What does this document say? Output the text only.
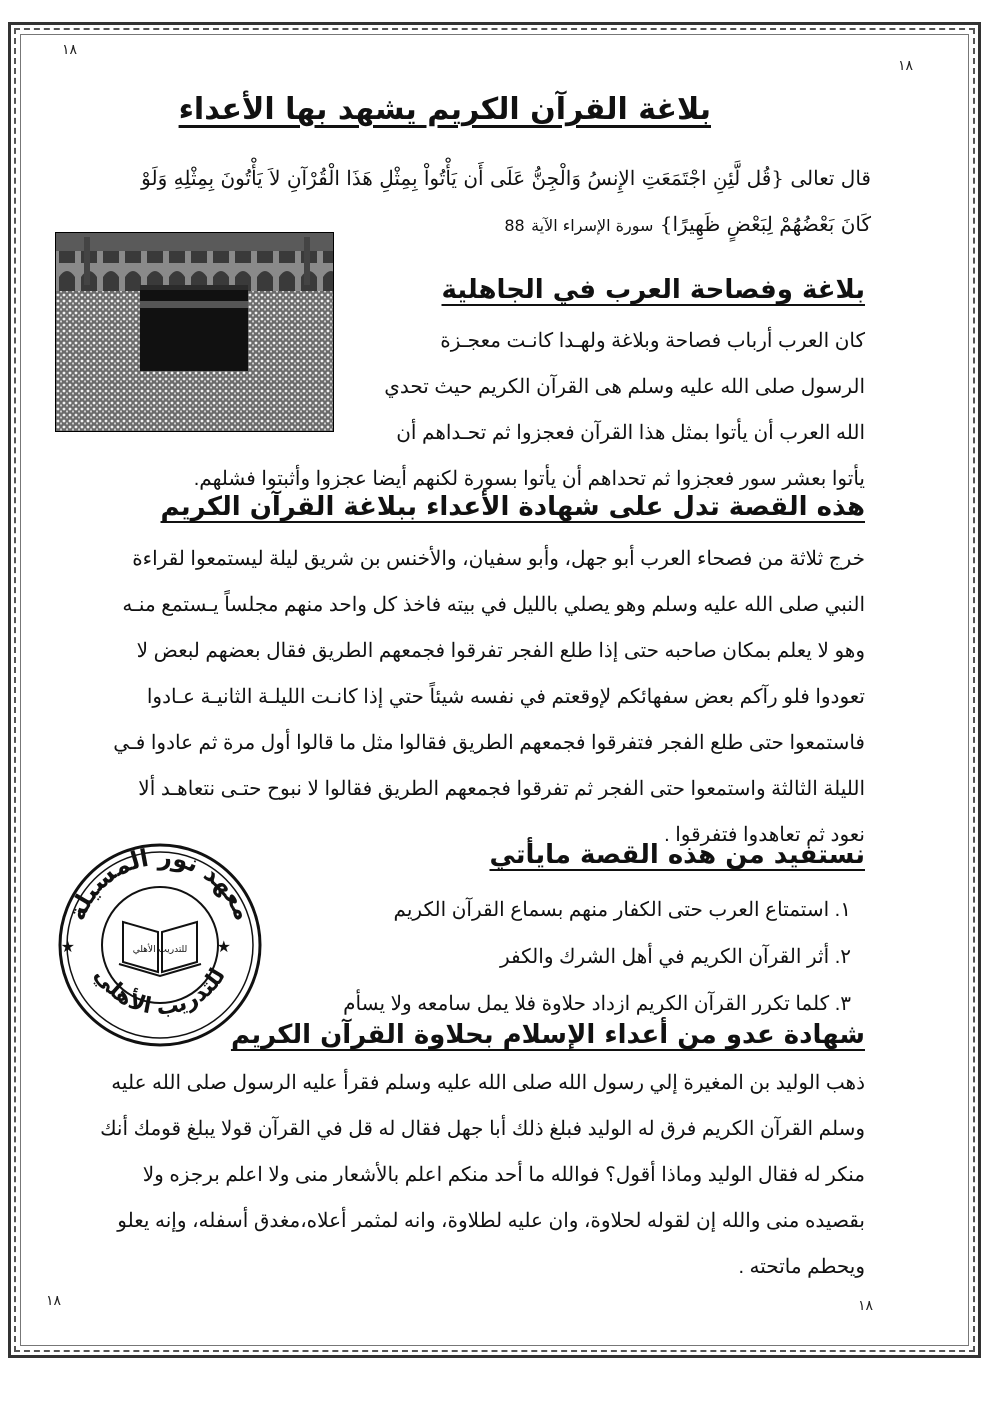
١٨
١٨
١٨	١٨
بلاغة القرآن الكريم يشهد بها الأعداء
قال تعالى {قُل لَّئِنِ اجْتَمَعَتِ الإِنسُ وَالْجِنُّ عَلَى أَن يَأْتُواْ بِمِثْلِ هَذَا الْقُرْآنِ لاَ يَأْتُونَ بِمِثْلِهِ وَلَوْ
كَانَ بَعْضُهُمْ لِبَعْضٍ ظَهِيرًا} سورة الإسراء الآية 88
بلاغة وفصاحة العرب في الجاهلية
كان العرب أرباب فصاحة وبلاغة ولهـدا كانـت معجـزة
الرسول صلى الله عليه وسلم هى القرآن الكريم حيث تحدي
الله العرب أن يأتوا بمثل هذا القرآن فعجزوا ثم تحـداهم أن
يأتوا بعشر سور فعجزوا ثم تحداهم أن يأتوا بسورة لكنهم أيضا عجزوا وأثبتوا فشلهم.
هذه القصة تدل على شهادة الأعداء ببلاغة القرآن الكريم
خرج ثلاثة من فصحاء العرب أبو جهل، وأبو سفيان، والأخنس بن شريق ليلة ليستمعوا لقراءة
النبي صلى الله عليه وسلم وهو يصلي بالليل في بيته فاخذ كل واحد منهم مجلساً يـستمع منـه
وهو لا يعلم بمكان صاحبه حتى إذا طلع الفجر تفرقوا فجمعهم الطريق فقال بعضهم لبعض لا
تعودوا فلو رآكم بعض سفهائكم لإوقعتم في نفسه شيئاً حتي إذا كانـت الليلـة الثانيـة عـادوا
فاستمعوا حتى طلع الفجر فتفرقوا فجمعهم الطريق فقالوا مثل ما قالوا أول مرة ثم عادوا فـي
الليلة الثالثة واستمعوا حتى الفجر ثم تفرقوا فجمعهم الطريق فقالوا لا نبوح حتـى نتعاهـد ألا
نعود ثم تعاهدوا فتفرقوا .
نستفيد من هذه القصة مايأتي
١. استمتاع العرب حتى الكفار منهم بسماع القرآن الكريم
٢. أثر القرآن الكريم في أهل الشرك والكفر
٣. كلما تكرر القرآن الكريم ازداد حلاوة فلا يمل سامعه ولا يسأم
معهد نور المسيلة
للتدريب الأهلي
★	★
للتدريب الأهلي
شهادة عدو من أعداء الإسلام بحلاوة القرآن الكريم
ذهب الوليد بن المغيرة إلي رسول الله صلى الله عليه وسلم فقرأ عليه الرسول صلى الله عليه
وسلم القرآن الكريم فرق له الوليد فبلغ ذلك أبا جهل فقال له قل في القرآن قولا يبلغ قومك أنك
منكر له فقال الوليد وماذا أقول؟ فوالله ما أحد منكم اعلم بالأشعار منى ولا اعلم برجزه ولا
بقصيده منى والله إن لقوله لحلاوة، وان عليه لطلاوة، وانه لمثمر أعلاه،مغدق أسفله، وإنه يعلو
ويحطم ماتحته .
